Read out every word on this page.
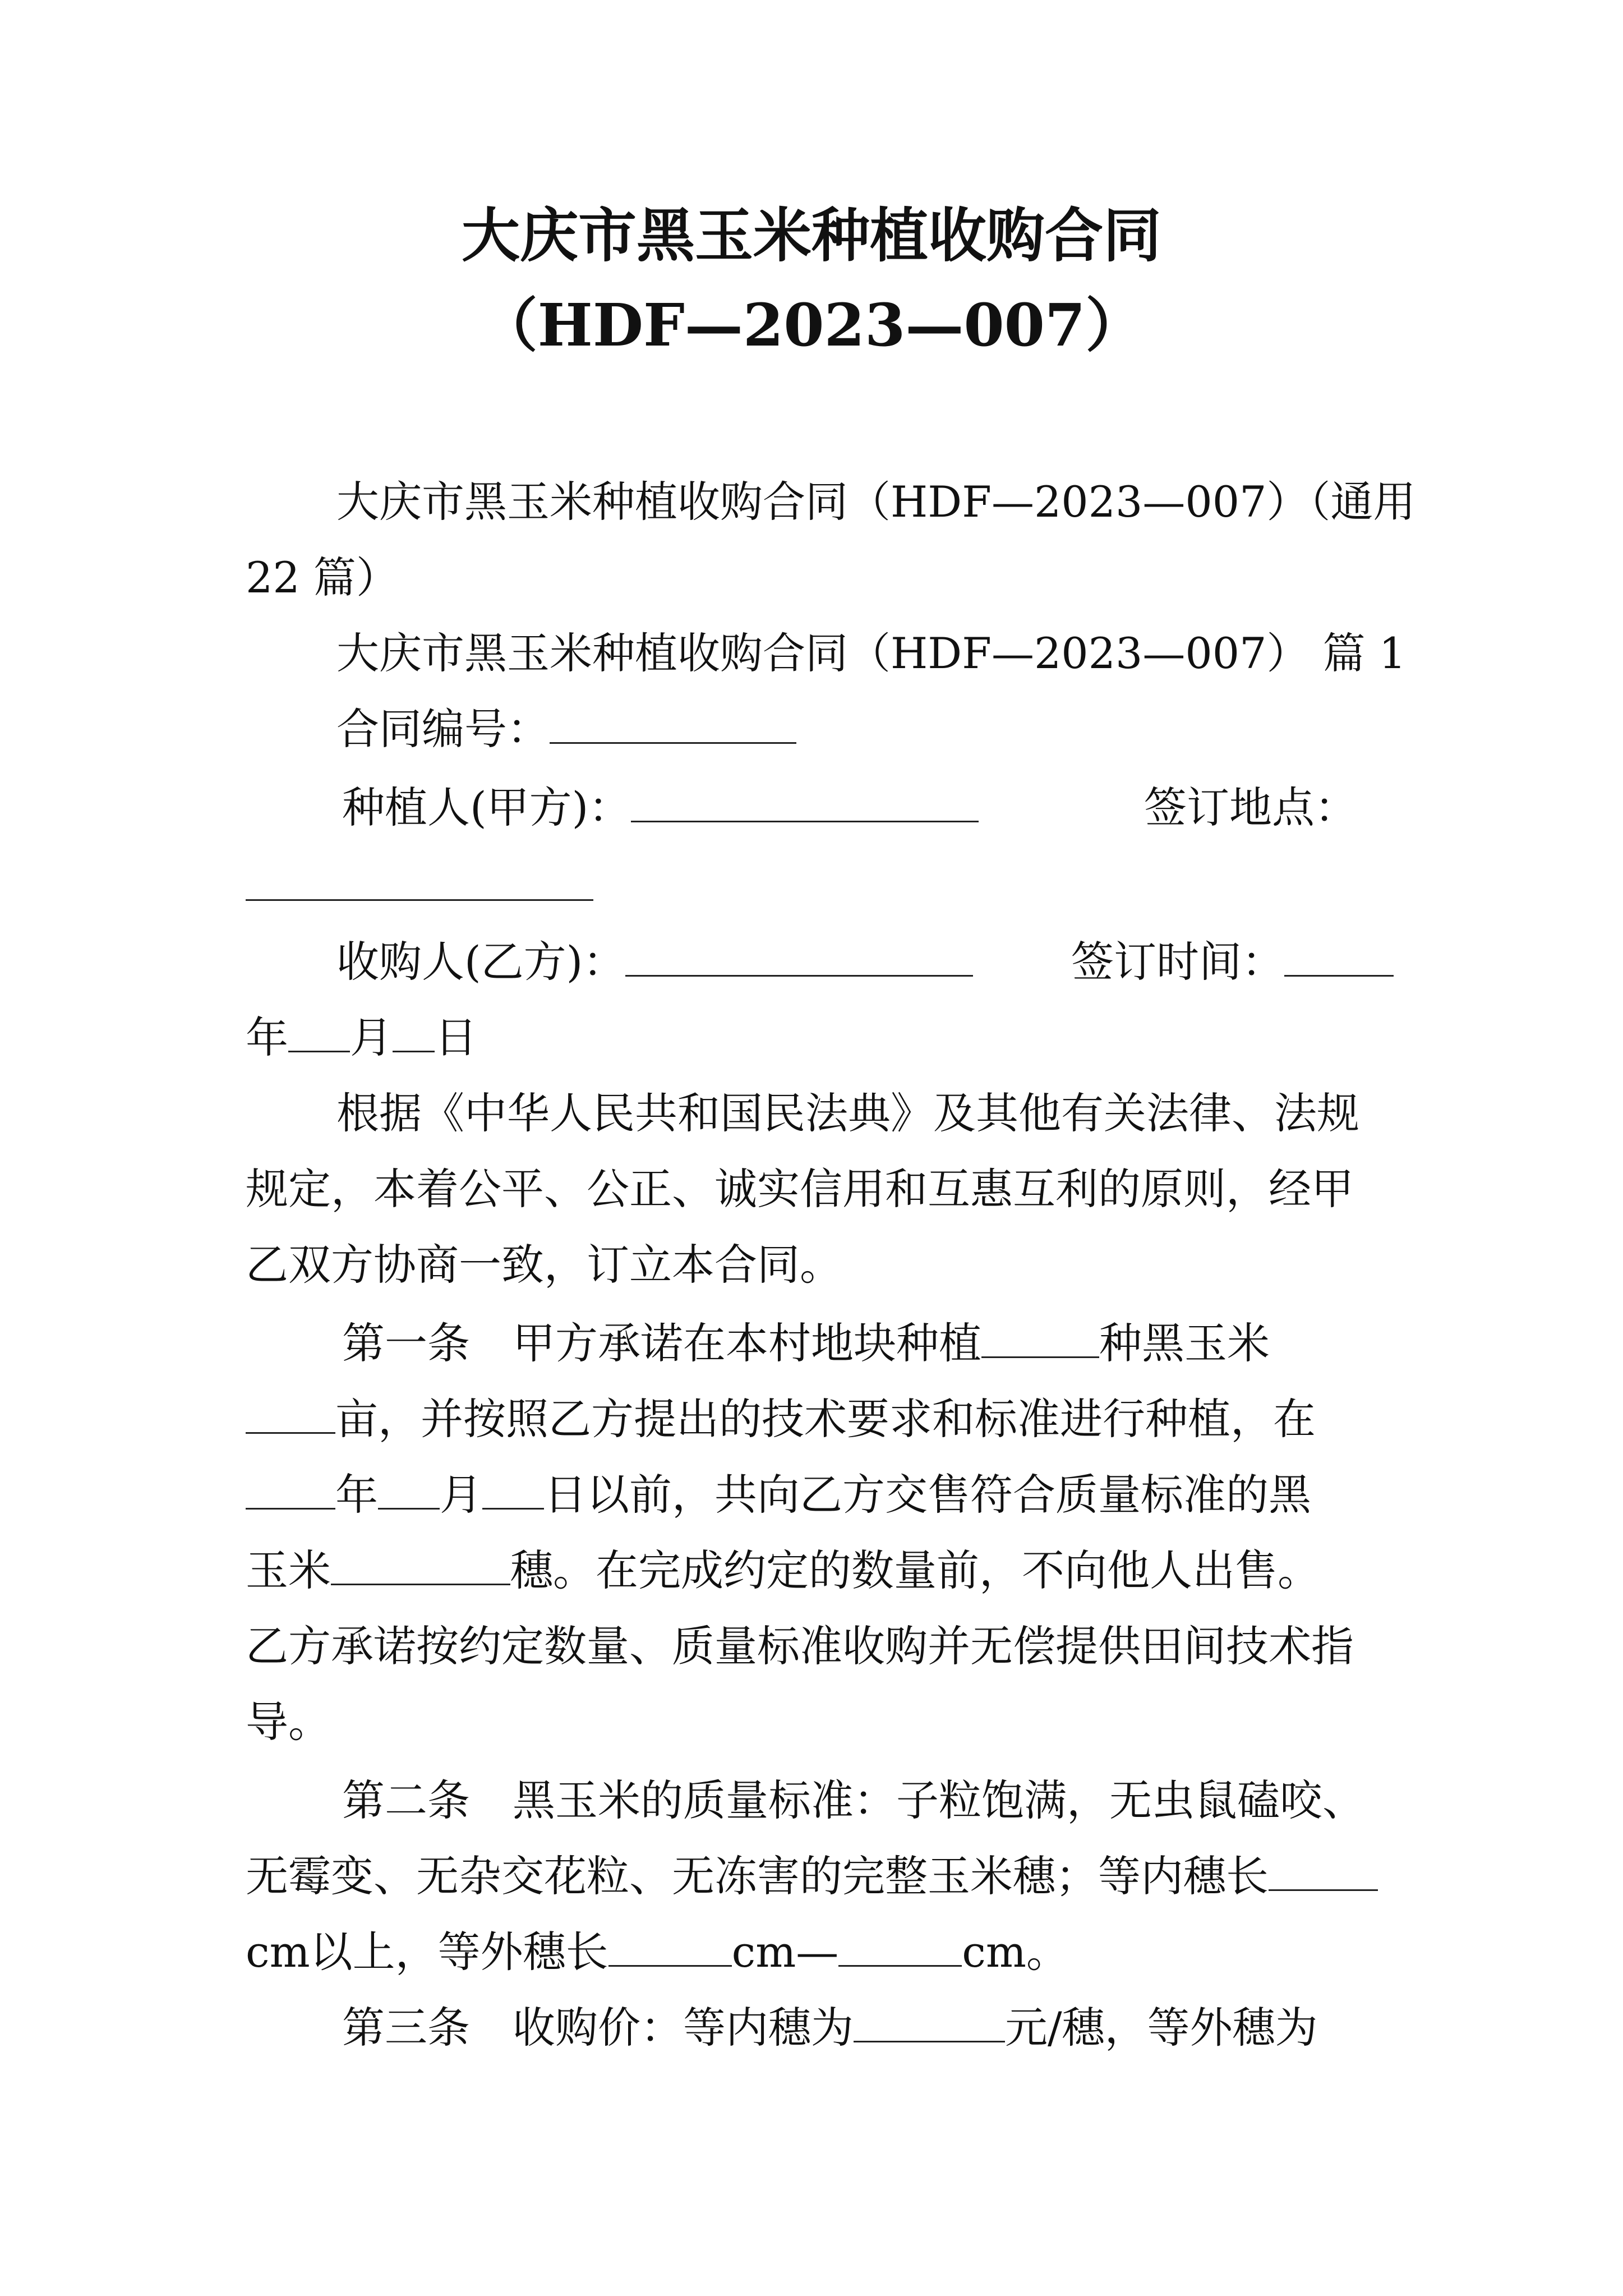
大庆市黑玉米种植收购合同
（HDF—2023—007）
大庆市黑玉米种植收购合同（HDF—2023—007）（通用
22 篇）
大庆市黑玉米种植收购合同（HDF—2023—007） 篇 1
合同编号：
种植人(甲方)：	签订地点：
收购人(乙方)：	签订时间：
年 月 日
根据《中华人民共和国民法典》及其他有关法律、法规
规定，本着公平、公正、诚实信用和互惠互利的原则，经甲
乙双方协商一致，订立本合同。
第一条　甲方承诺在本村地块种植	种黑玉米
亩，并按照乙方提出的技术要求和标准进行种植，在
年 月 日以前，共向乙方交售符合质量标准的黑
玉米	穗。在完成约定的数量前，不向他人出售。
乙方承诺按约定数量、质量标准收购并无偿提供田间技术指
导。
第二条　黑玉米的质量标准：子粒饱满，无虫鼠磕咬、
无霉变、无杂交花粒、无冻害的完整玉米穗；等内穗长
cm以上，等外穗长	cm—	cm。
第三条　收购价：等内穗为	元/穗，等外穗为
